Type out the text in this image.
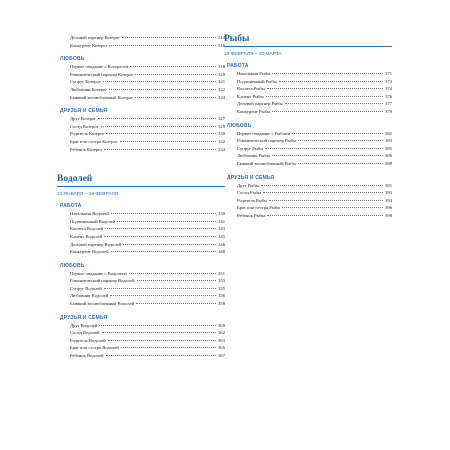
Деловой партнер Козерог	314
Конкурент Козерог	316
ЛЮБОВЬ
Первое свидание с Козерогом	318
Романтический партнер Козерог	320
Супруг Козерог	321
Любовник Козерог	322
Бывший возлюбленный Козерог	324
ДРУЗЬЯ И СЕМЬЯ
Друг Козерог	327
Сосед Козерог	329
Родитель Козерог	330
Брат или сестра Козерог	332
Ребенок Козерог	334
Водолей
21 ЯНВАРЯ – 19 ФЕВРАЛЯ
РАБОТА
Начальник Водолей	339
Подчиненный Водолей	341
Коллега Водолей	343
Клиент Водолей	345
Деловой партнер Водолей	346
Конкурент Водолей	348
ЛЮБОВЬ
Первое свидание с Водолеем	351
Романтический партнер Водолей	353
Супруг Водолей	355
Любовник Водолей	356
Бывший возлюбленный Водолей	358
ДРУЗЬЯ И СЕМЬЯ
Друг Водолей	360
Сосед Водолей	362
Родитель Водолей	363
Брат или сестра Водолей	365
Ребенок Водолей	367
Рыбы
20 ФЕВРАЛЯ – 20 МАРТА
РАБОТА
Начальник Рыбы	371
Подчиненный Рыбы	373
Коллега Рыбы	374
Клиент Рыбы	376
Деловой партнер Рыбы	377
Конкурент Рыбы	379
ЛЮБОВЬ
Первое свидание с Рыбами	382
Романтический партнер Рыбы	383
Супруг Рыбы	385
Любовник Рыбы	386
Бывший возлюбленный Рыбы	388
ДРУЗЬЯ И СЕМЬЯ
Друг Рыбы	391
Сосед Рыбы	393
Родитель Рыбы	394
Брат или сестра Рыбы	396
Ребенок Рыбы	398
